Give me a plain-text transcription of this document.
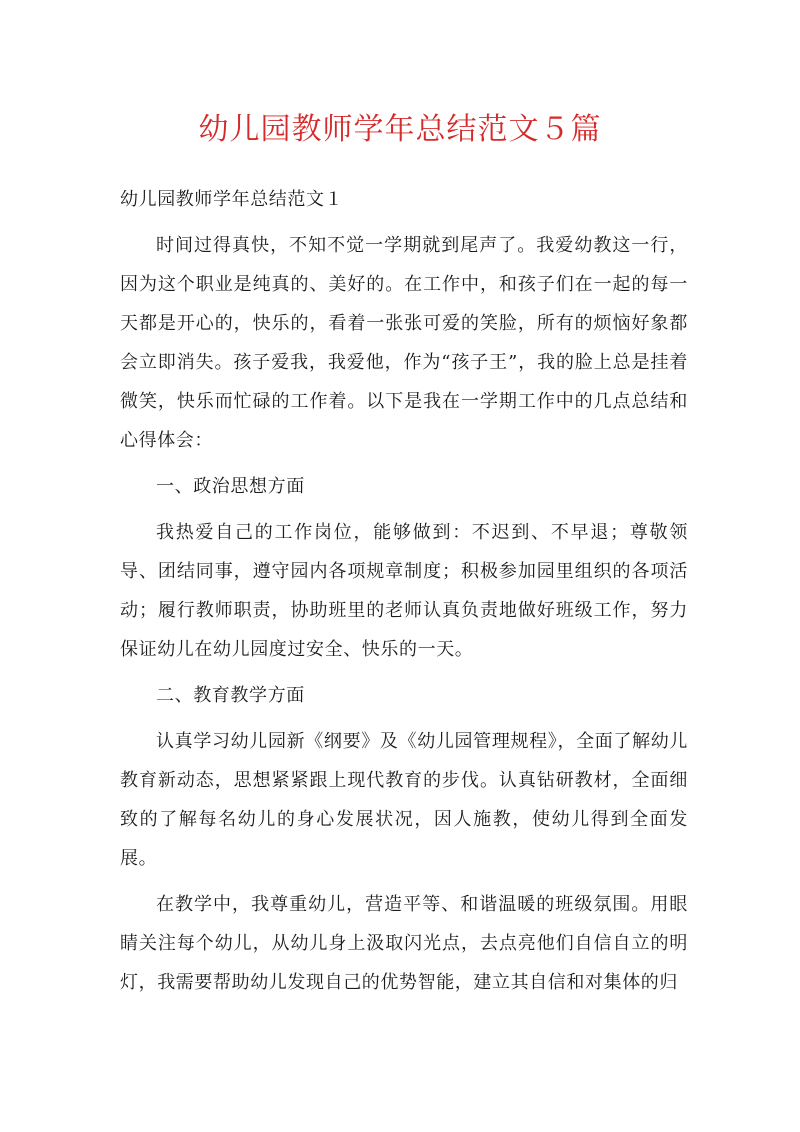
幼儿园教师学年总结范文５篇

幼儿园教师学年总结范文１

时间过得真快，不知不觉一学期就到尾声了。我爱幼教这一行，因为这个职业是纯真的、美好的。在工作中，和孩子们在一起的每一天都是开心的，快乐的，看着一张张可爱的笑脸，所有的烦恼好象都会立即消失。孩子爱我，我爱他，作为“孩子王”，我的脸上总是挂着微笑，快乐而忙碌的工作着。以下是我在一学期工作中的几点总结和心得体会：

一、政治思想方面

我热爱自己的工作岗位，能够做到：不迟到、不早退；尊敬领导、团结同事，遵守园内各项规章制度；积极参加园里组织的各项活动；履行教师职责，协助班里的老师认真负责地做好班级工作，努力保证幼儿在幼儿园度过安全、快乐的一天。

二、教育教学方面

认真学习幼儿园新《纲要》及《幼儿园管理规程》，全面了解幼儿教育新动态，思想紧紧跟上现代教育的步伐。认真钻研教材，全面细致的了解每名幼儿的身心发展状况，因人施教，使幼儿得到全面发展。

在教学中，我尊重幼儿，营造平等、和谐温暖的班级氛围。用眼睛关注每个幼儿，从幼儿身上汲取闪光点，去点亮他们自信自立的明灯，我需要帮助幼儿发现自己的优势智能，建立其自信和对集体的归
